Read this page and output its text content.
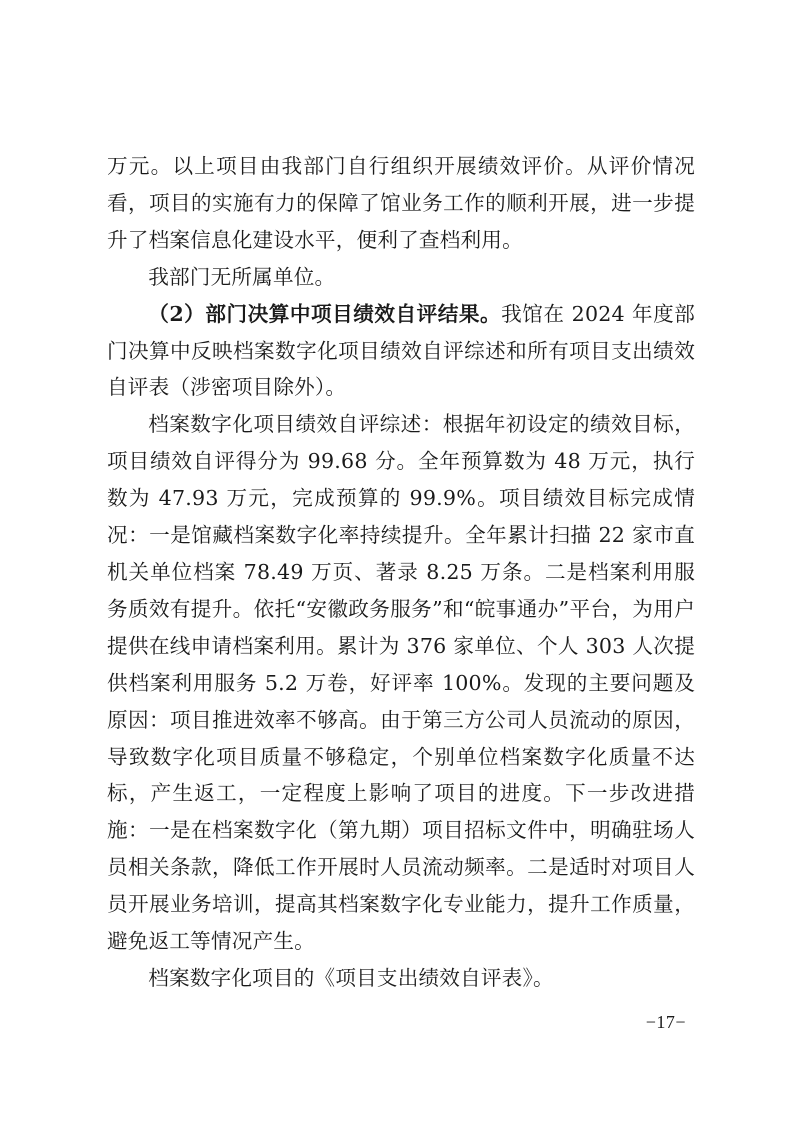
万元。以上项目由我部门自行组织开展绩效评价。从评价情况看，项目的实施有力的保障了馆业务工作的顺利开展，进一步提升了档案信息化建设水平，便利了查档利用。

我部门无所属单位。

（2）部门决算中项目绩效自评结果。我馆在 2024 年度部门决算中反映档案数字化项目绩效自评综述和所有项目支出绩效自评表（涉密项目除外）。

档案数字化项目绩效自评综述：根据年初设定的绩效目标，项目绩效自评得分为 99.68 分。全年预算数为 48 万元，执行数为 47.93 万元，完成预算的 99.9%。项目绩效目标完成情况：一是馆藏档案数字化率持续提升。全年累计扫描 22 家市直机关单位档案 78.49 万页、著录 8.25 万条。二是档案利用服务质效有提升。依托“安徽政务服务”和“皖事通办”平台，为用户提供在线申请档案利用。累计为 376 家单位、个人 303 人次提供档案利用服务 5.2 万卷，好评率 100%。发现的主要问题及原因：项目推进效率不够高。由于第三方公司人员流动的原因，导致数字化项目质量不够稳定，个别单位档案数字化质量不达标，产生返工，一定程度上影响了项目的进度。下一步改进措施：一是在档案数字化（第九期）项目招标文件中，明确驻场人员相关条款，降低工作开展时人员流动频率。二是适时对项目人员开展业务培训，提高其档案数字化专业能力，提升工作质量，避免返工等情况产生。

档案数字化项目的《项目支出绩效自评表》。

−17−
